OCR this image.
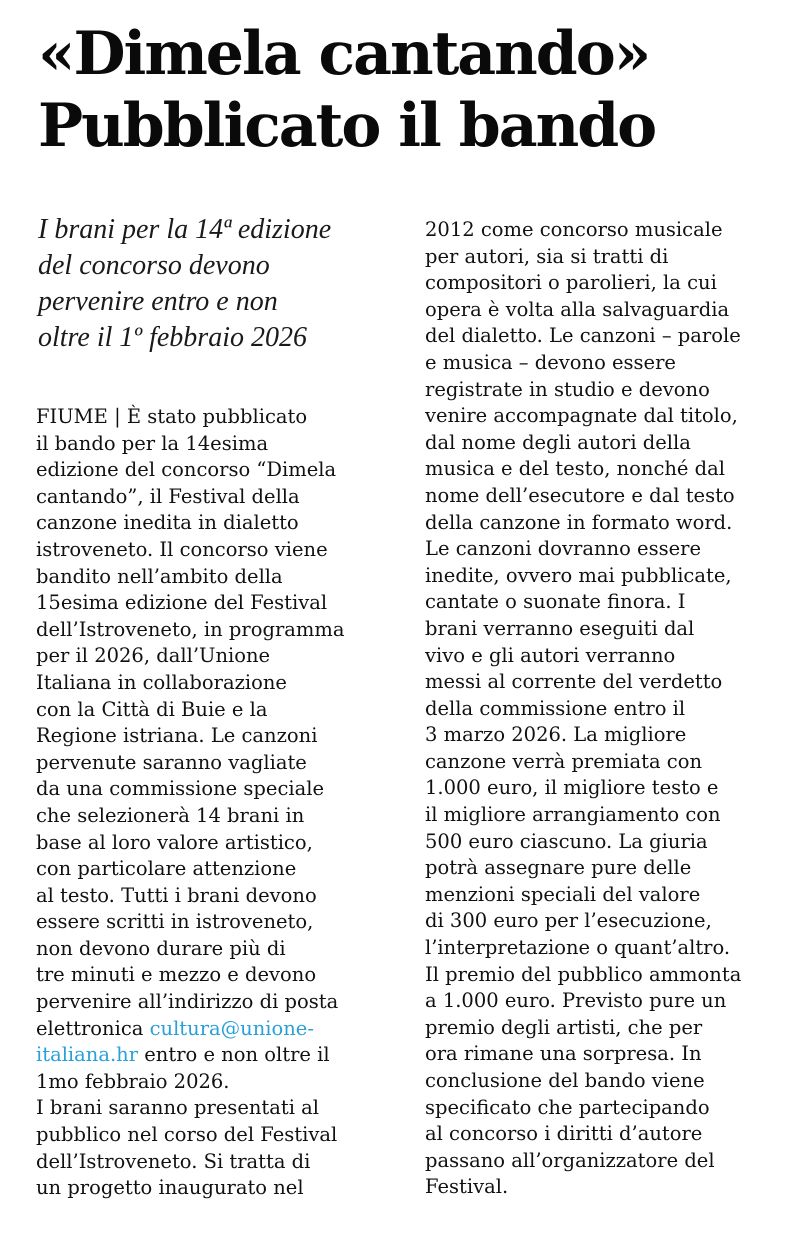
«Dimela cantando»
Pubblicato il bando
I brani per la 14ª edizione
del concorso devono
pervenire entro e non
oltre il 1º febbraio 2026
FIUME | È stato pubblicato
il bando per la 14esima
edizione del concorso “Dimela
cantando”, il Festival della
canzone inedita in dialetto
istroveneto. Il concorso viene
bandito nell’ambito della
15esima edizione del Festival
dell’Istroveneto, in programma
per il 2026, dall’Unione
Italiana in collaborazione
con la Città di Buie e la
Regione istriana. Le canzoni
pervenute saranno vagliate
da una commissione speciale
che selezionerà 14 brani in
base al loro valore artistico,
con particolare attenzione
al testo. Tutti i brani devono
essere scritti in istroveneto,
non devono durare più di
tre minuti e mezzo e devono
pervenire all’indirizzo di posta
elettronica cultura@unione-
italiana.hr entro e non oltre il
1mo febbraio 2026.
I brani saranno presentati al
pubblico nel corso del Festival
dell’Istroveneto. Si tratta di
un progetto inaugurato nel
2012 come concorso musicale
per autori, sia si tratti di
compositori o parolieri, la cui
opera è volta alla salvaguardia
del dialetto. Le canzoni – parole
e musica – devono essere
registrate in studio e devono
venire accompagnate dal titolo,
dal nome degli autori della
musica e del testo, nonché dal
nome dell’esecutore e dal testo
della canzone in formato word.
Le canzoni dovranno essere
inedite, ovvero mai pubblicate,
cantate o suonate finora. I
brani verranno eseguiti dal
vivo e gli autori verranno
messi al corrente del verdetto
della commissione entro il
3 marzo 2026. La migliore
canzone verrà premiata con
1.000 euro, il migliore testo e
il migliore arrangiamento con
500 euro ciascuno. La giuria
potrà assegnare pure delle
menzioni speciali del valore
di 300 euro per l’esecuzione,
l’interpretazione o quant’altro.
Il premio del pubblico ammonta
a 1.000 euro. Previsto pure un
premio degli artisti, che per
ora rimane una sorpresa. In
conclusione del bando viene
specificato che partecipando
al concorso i diritti d’autore
passano all’organizzatore del
Festival.
